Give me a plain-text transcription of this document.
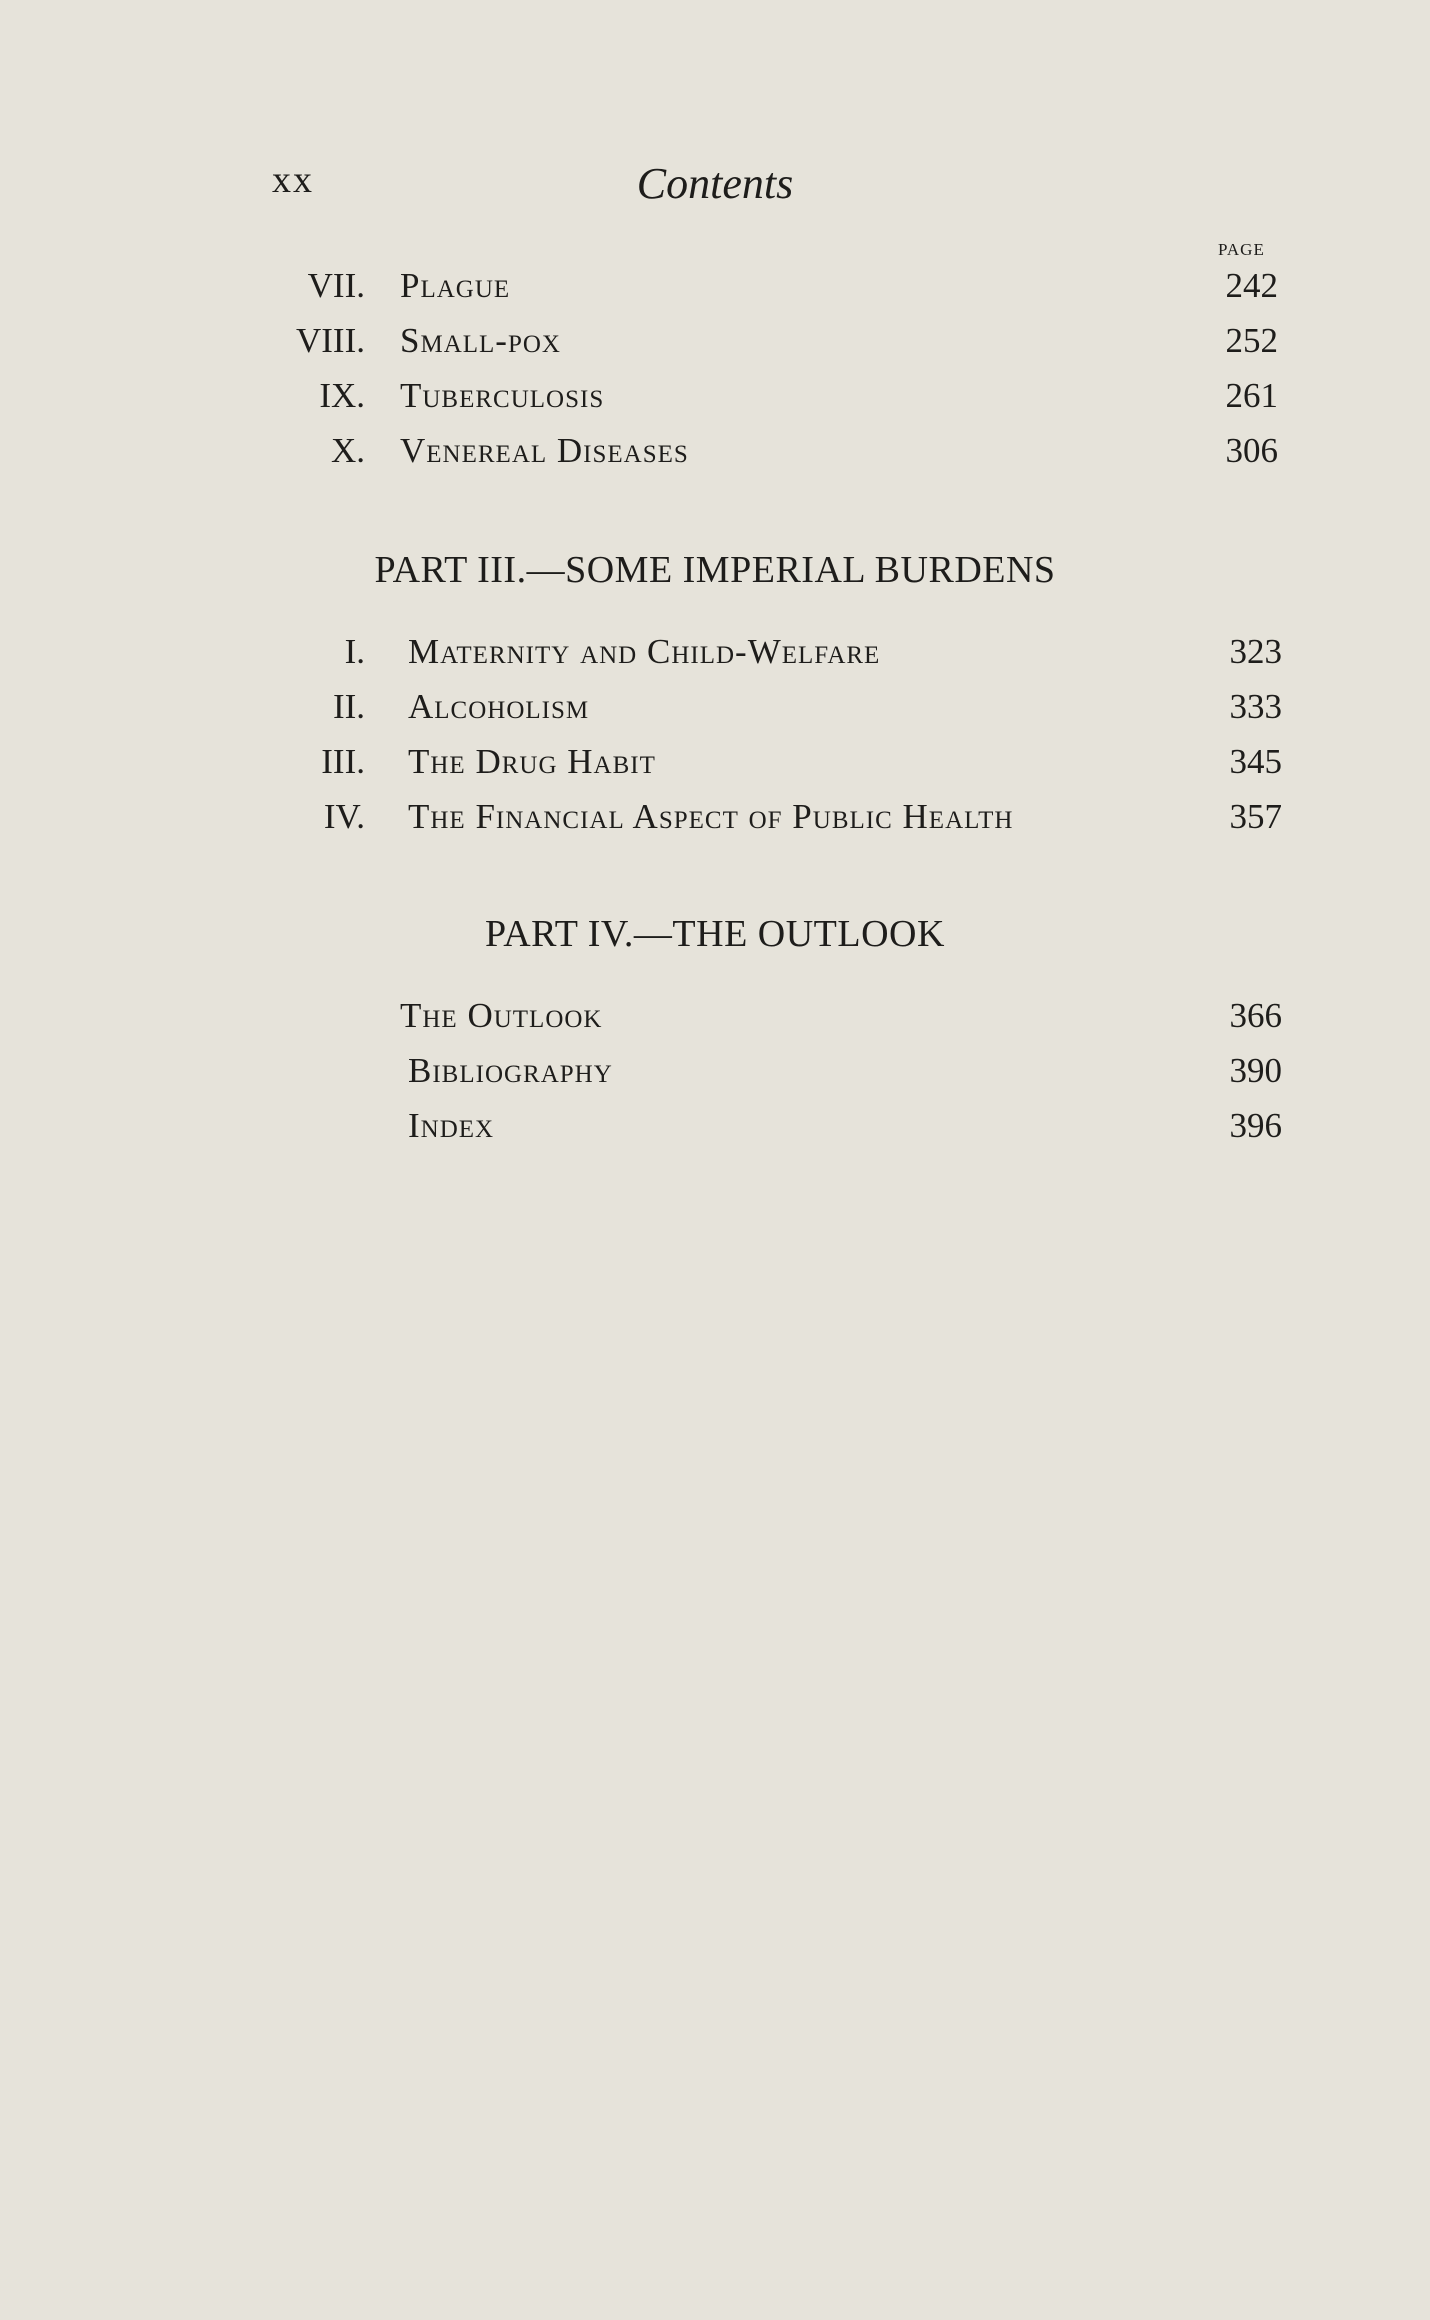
xx	Contents
PAGE
VII. Plague	242
VIII. Small-pox	252
IX. Tuberculosis	261
X. Venereal Diseases	306
PART III.—SOME IMPERIAL BURDENS
I. Maternity and Child-Welfare	323
II. Alcoholism	333
III. The Drug Habit	345
IV. The Financial Aspect of Public Health	357
PART IV.—THE OUTLOOK
The Outlook	366
Bibliography	390
Index	396
